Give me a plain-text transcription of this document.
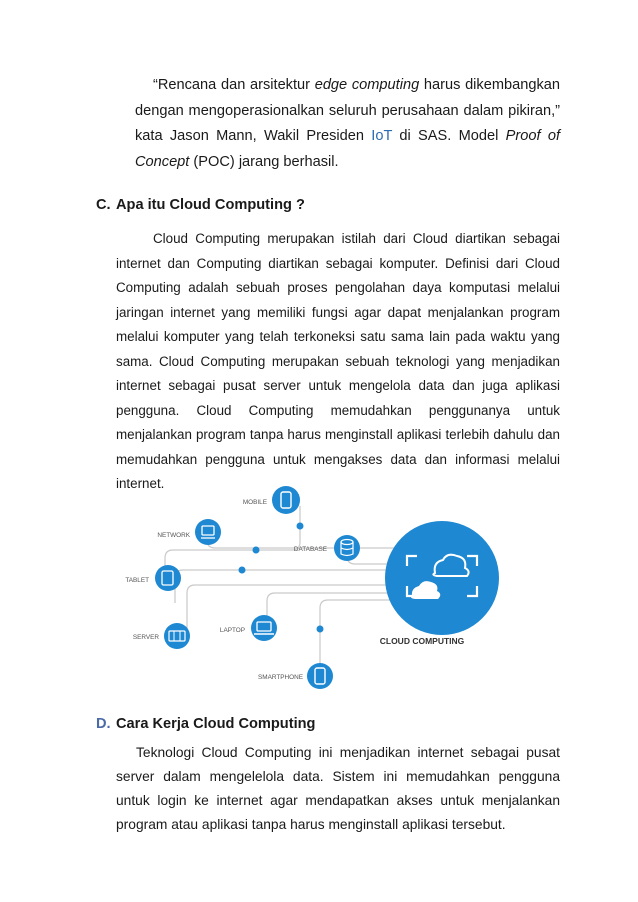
“Rencana dan arsitektur edge computing harus dikembangkan dengan mengoperasionalkan seluruh perusahaan dalam pikiran,” kata Jason Mann, Wakil Presiden IoT di SAS. Model Proof of Concept (POC) jarang berhasil.

C. Apa itu Cloud Computing ?

Cloud Computing merupakan istilah dari Cloud diartikan sebagai internet dan Computing diartikan sebagai komputer. Definisi dari Cloud Computing adalah sebuah proses pengolahan daya komputasi melalui jaringan internet yang memiliki fungsi agar dapat menjalankan program melalui komputer yang telah terkoneksi satu sama lain pada waktu yang sama. Cloud Computing merupakan sebuah teknologi yang menjadikan internet sebagai pusat server untuk mengelola data dan juga aplikasi pengguna. Cloud Computing memudahkan penggunanya untuk menjalankan program tanpa harus menginstall aplikasi terlebih dahulu dan memudahkan pengguna untuk mengakses data dan informasi melalui internet.

MOBILE
NETWORK
DATABASE
TABLET
SERVER
LAPTOP
SMARTPHONE
CLOUD COMPUTING
D. Cara Kerja Cloud Computing

Teknologi Cloud Computing ini menjadikan internet sebagai pusat server dalam mengelelola data. Sistem ini memudahkan pengguna untuk login ke internet agar mendapatkan akses untuk menjalankan program atau aplikasi tanpa harus menginstall aplikasi tersebut.
